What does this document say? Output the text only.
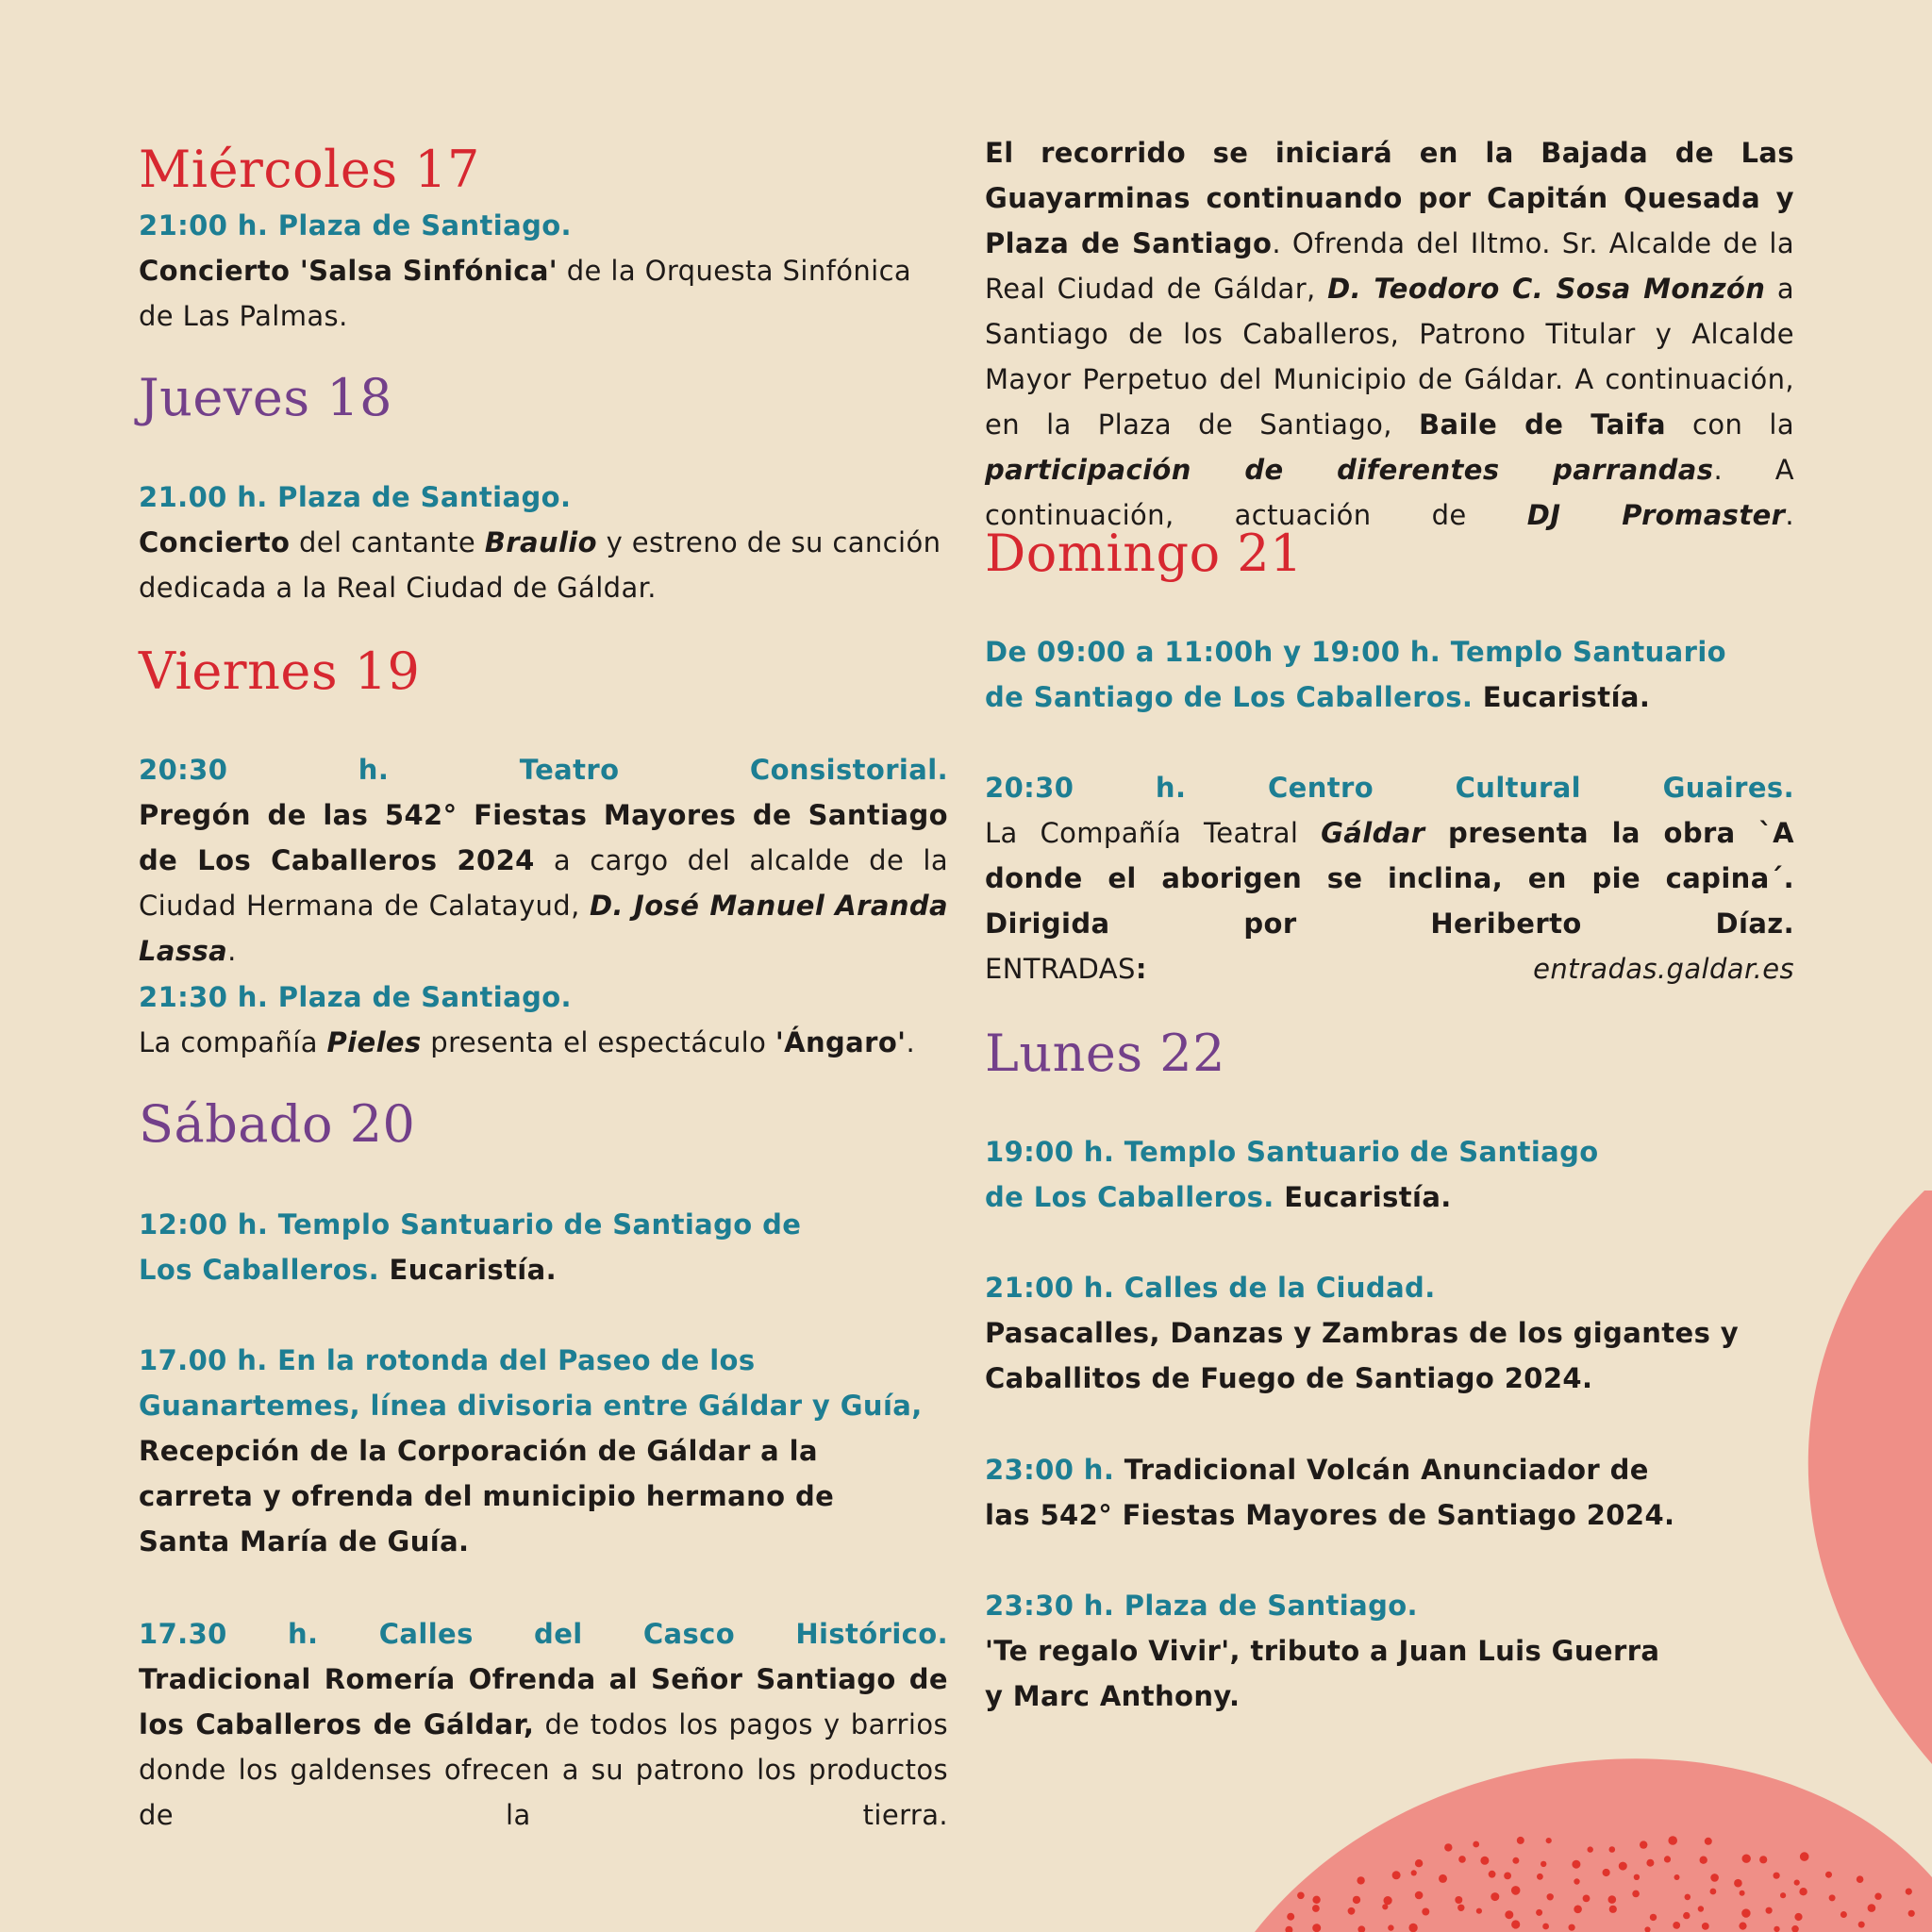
Miércoles 17
21:00 h. Plaza de Santiago.
Concierto 'Salsa Sinfónica' de la Orquesta Sinfónica de Las Palmas.
Jueves 18
21.00 h. Plaza de Santiago.
Concierto del cantante Braulio y estreno de su canción dedicada a la Real Ciudad de Gáldar.
Viernes 19
20:30 h. Teatro Consistorial.
Pregón de las 542° Fiestas Mayores de Santiago de Los Caballeros 2024 a cargo del alcalde de la Ciudad Hermana de Calatayud, D. José Manuel Aranda Lassa.
21:30 h. Plaza de Santiago.
La compañía Pieles presenta el espectáculo 'Ángaro'.
Sábado 20
12:00 h. Templo Santuario de Santiago de Los Caballeros. Eucaristía.
17.00 h. En la rotonda del Paseo de los Guanartemes, línea divisoria entre Gáldar y Guía,
Recepción de la Corporación de Gáldar a la carreta y ofrenda del municipio hermano de Santa María de Guía.
17.30 h. Calles del Casco Histórico.
Tradicional Romería Ofrenda al Señor Santiago de los Caballeros de Gáldar, de todos los pagos y barrios donde los galdenses ofrecen a su patrono los productos de la tierra.
El recorrido se iniciará en la Bajada de Las Guayarminas continuando por Capitán Quesada y Plaza de Santiago. Ofrenda del Iltmo. Sr. Alcalde de la Real Ciudad de Gáldar, D. Teodoro C. Sosa Monzón a Santiago de los Caballeros, Patrono Titular y Alcalde Mayor Perpetuo del Municipio de Gáldar. A continuación, en la Plaza de Santiago, Baile de Taifa con la participación de diferentes parrandas. A continuación, actuación de DJ Promaster.
Domingo 21
De 09:00 a 11:00h y 19:00 h. Templo Santuario de Santiago de Los Caballeros. Eucaristía.
20:30 h. Centro Cultural Guaires.
La Compañía Teatral Gáldar presenta la obra `A donde el aborigen se inclina, en pie capina´. Dirigida por Heriberto Díaz.
ENTRADAS: entradas.galdar.es
Lunes 22
19:00 h. Templo Santuario de Santiago de Los Caballeros. Eucaristía.
21:00 h. Calles de la Ciudad.
Pasacalles, Danzas y Zambras de los gigantes y Caballitos de Fuego de Santiago 2024.
23:00 h. Tradicional Volcán Anunciador de las 542° Fiestas Mayores de Santiago 2024.
23:30 h. Plaza de Santiago.
'Te regalo Vivir', tributo a Juan Luis Guerra y Marc Anthony.
